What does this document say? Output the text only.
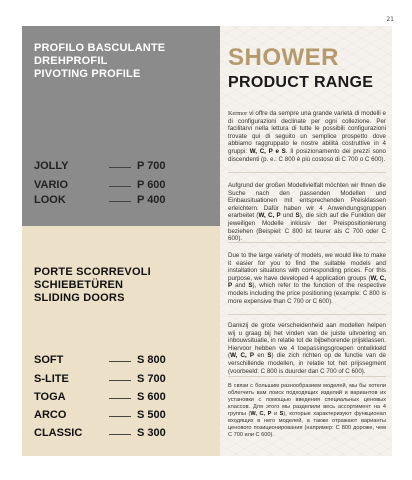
21
PROFILO BASCULANTE
DREHPROFIL
PIVOTING PROFILE
JOLLY	P 700
VARIO	P 600
LOOK	P 400
PORTE SCORREVOLI
SCHIEBETÜREN
SLIDING DOORS
SOFT	S 800
S-LITE	S 700
TOGA	S 600
ARCO	S 500
CLASSIC	S 300
SHOWER
PRODUCT RANGE
Kermor vi offre da sempre una grande varietà di modelli e di configurazioni declinate per ogni collezione. Per facilitarvi nella lettura di tutte le possibili configurazioni trovate qui di seguito un semplice prospetto dove abbiamo raggruppato le nostre abilità costruttive in 4 gruppi: W, C, P e S. Il posizionamento dei prezzi sono discendenti (p. e.: C 800 è più costoso di C 700 o C 600).
Aufgrund der großen Modellvielfalt möchten wir Ihnen die Suche nach den passenden Modellen und Einbausituationen mit entsprechenden Preisklassen erleichtern. Dafür haben wir 4 Anwendungsgruppen erarbeitet (W, C, P und S), die sich auf die Funktion der jeweiligen Modelle inklusiv der Preispositionierung beziehen (Beispiel: C 800 ist teurer als C 700 oder C 600).
Due to the large variety of models, we would like to make it easier for you to find the suitable models and installation situations with corresponding prices. For this purpose, we have developed 4 application groups (W, C, P and S), which refer to the function of the respective models including the price positioning (example: C 800 is more expensive than C 700 or C 600).
Dankzij de grote verscheidenheid aan modellen helpen wij u graag bij het vinden van de juiste uitvoering en inbouwsituatie, in relatie tot de bijbehorende prijsklassen. Hiervoor hebben we 4 toepassingsgroepen ontwikkeld (W, C, P en S) die zich richten op de functie van de verschillende modellen, in relatie tot het prijssegment (voorbeeld: C 800 is duurder dan C 700 of C 600).
В связи с большим разнообразием моделей, мы бы хотели облегчить вам поиск подходящих изделий и вариантов их установки с помощью введения специальных ценовых классов. Для этого мы разделили весь ассортимент на 4 группы (W, C, P и S), которые характеризуют функционал входящих в него моделей, а также отражают варианты ценового позиционирования (например: C 800 дороже, чем C 700 или C 600).
